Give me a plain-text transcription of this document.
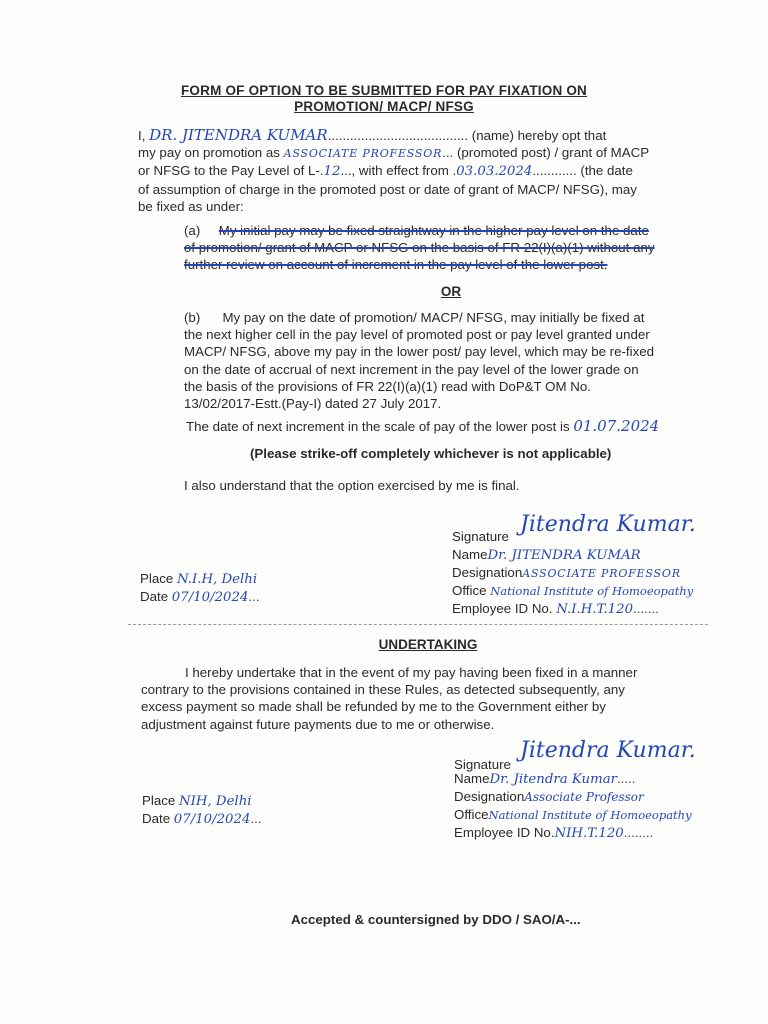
FORM OF OPTION TO BE SUBMITTED FOR PAY FIXATION ON
PROMOTION/ MACP/ NFSG
I, DR. JITENDRA KUMAR...................................... (name) hereby opt that
my pay on promotion as ASSOCIATE PROFESSOR... (promoted post) / grant of MACP
or NFSG to the Pay Level of L-.12..., with effect from .03.03.2024............ (the date
of assumption of charge in the promoted post or date of grant of MACP/ NFSG), may
be fixed as under:
(a) My initial pay may be fixed straightway in the higher pay level on the date
of promotion/ grant of MACP or NFSG on the basis of FR 22(I)(a)(1) without any
further review on account of increment in the pay level of the lower post.
OR
(b) My pay on the date of promotion/ MACP/ NFSG, may initially be fixed at
the next higher cell in the pay level of promoted post or pay level granted under
MACP/ NFSG, above my pay in the lower post/ pay level, which may be re-fixed
on the date of accrual of next increment in the pay level of the lower grade on
the basis of the provisions of FR 22(I)(a)(1) read with DoP&T OM No.
13/02/2017-Estt.(Pay-I) dated 27 July 2017.
The date of next increment in the scale of pay of the lower post is 01.07.2024
(Please strike-off completely whichever is not applicable)
I also understand that the option exercised by me is final.
Signature Jitendra Kumar.
NameDr. JITENDRA KUMAR
DesignationASSOCIATE PROFESSOR
Office National Institute of Homoeopathy
Employee ID No. N.I.H.T.120.......
Place N.I.H, Delhi
Date 07/10/2024...
UNDERTAKING
I hereby undertake that in the event of my pay having been fixed in a manner
contrary to the provisions contained in these Rules, as detected subsequently, any
excess payment so made shall be refunded by me to the Government either by
adjustment against future payments due to me or otherwise.
Signature
Jitendra Kumar.
NameDr. Jitendra Kumar.....
DesignationAssociate Professor
OfficeNational Institute of Homoeopathy
Employee ID No.NIH.T.120........
Place NIH, Delhi
Date 07/10/2024...
Accepted & countersigned by DDO / SAO/A-...
